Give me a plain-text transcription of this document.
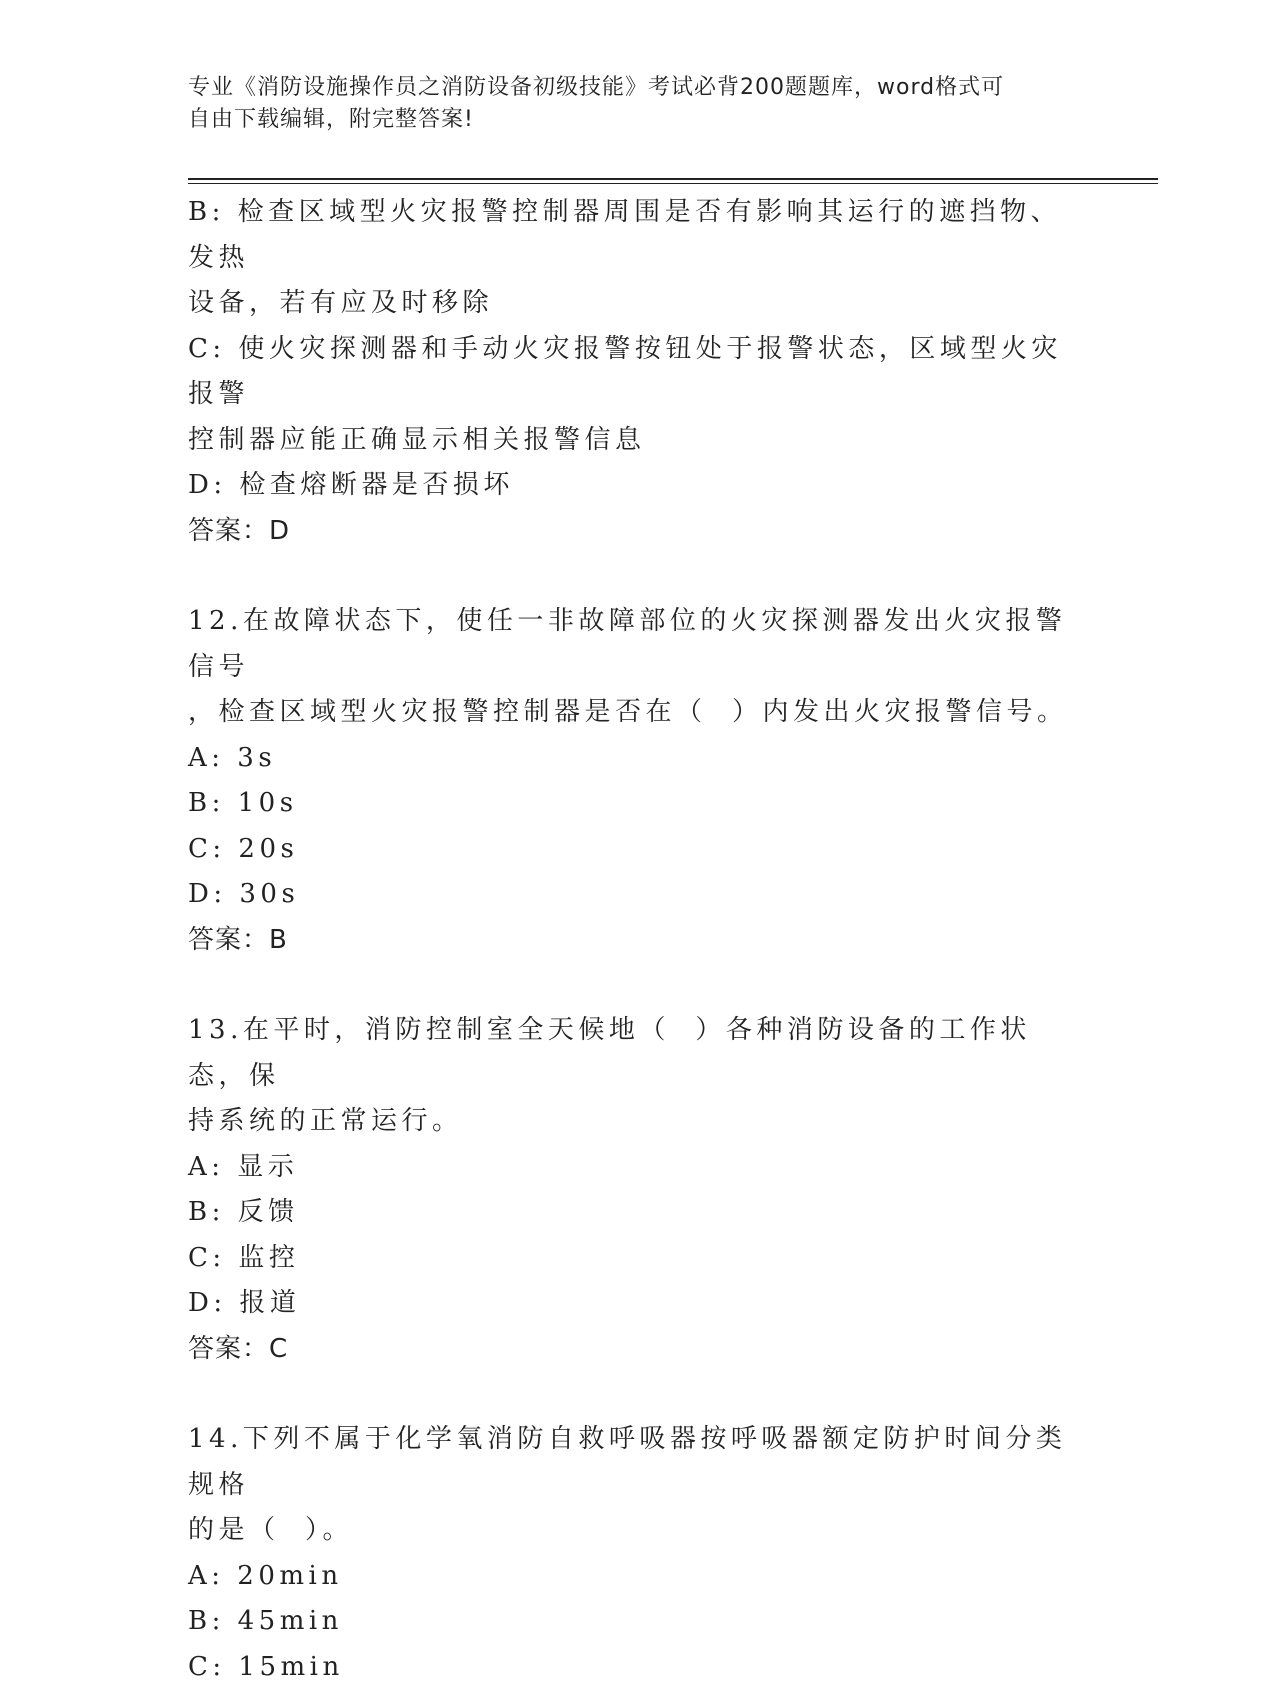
专业《消防设施操作员之消防设备初级技能》考试必背200题题库，word格式可
自由下载编辑，附完整答案!
B: 检查区域型火灾报警控制器周围是否有影响其运行的遮挡物、发热
设备，若有应及时移除
C: 使火灾探测器和手动火灾报警按钮处于报警状态，区域型火灾报警
控制器应能正确显示相关报警信息
D: 检查熔断器是否损坏
答案：D
12.在故障状态下，使任一非故障部位的火灾探测器发出火灾报警信号
，检查区域型火灾报警控制器是否在（  ）内发出火灾报警信号。
A: 3s
B: 10s
C: 20s
D: 30s
答案：B
13.在平时，消防控制室全天候地（  ）各种消防设备的工作状态，保
持系统的正常运行。
A: 显示
B: 反馈
C: 监控
D: 报道
答案：C
14.下列不属于化学氧消防自救呼吸器按呼吸器额定防护时间分类规格
的是（  ）。
A: 20min
B: 45min
C: 15min
